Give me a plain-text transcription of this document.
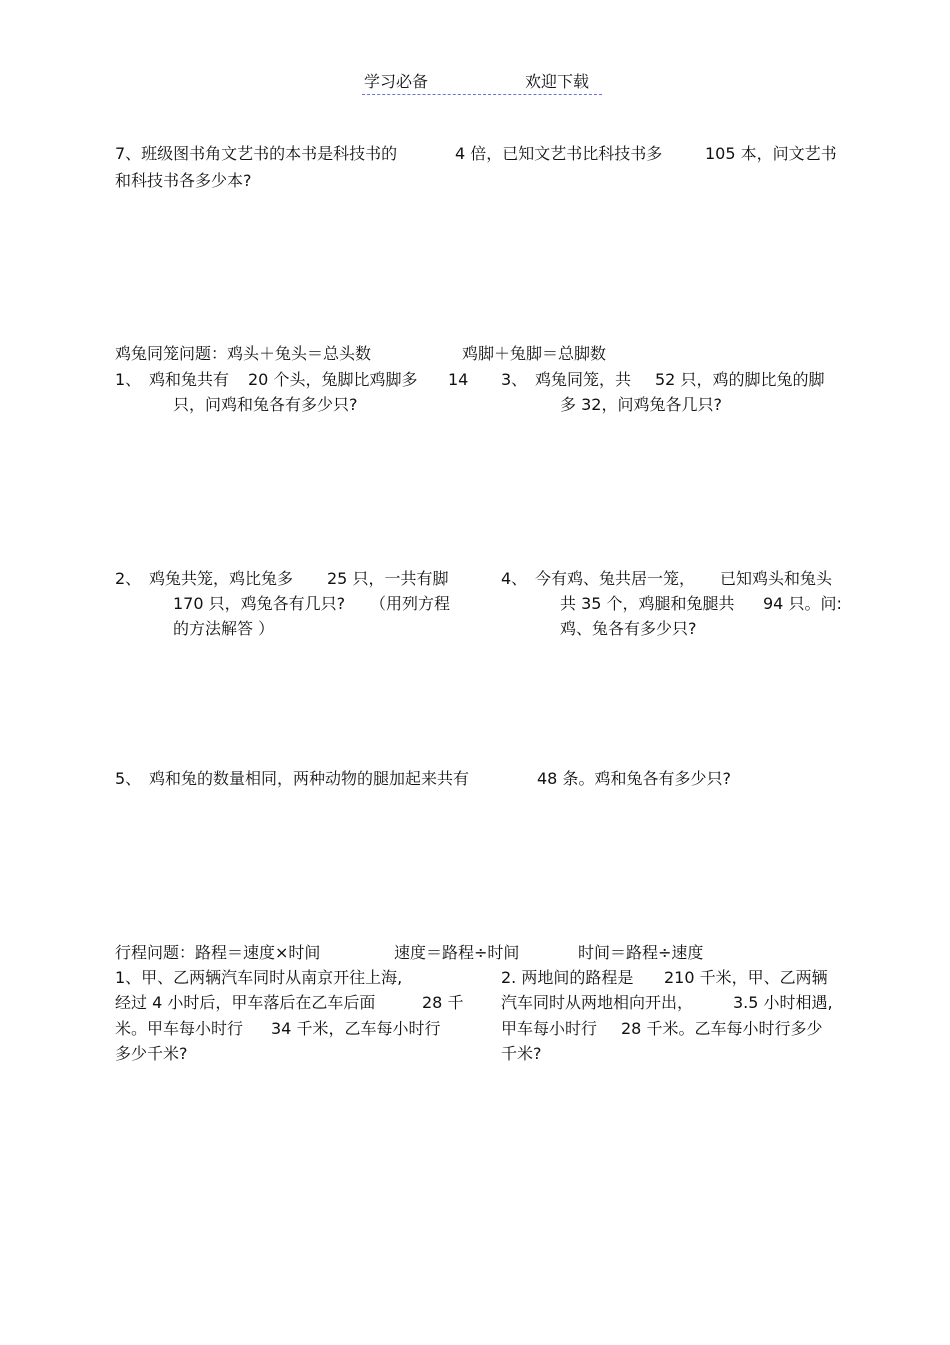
学习必备	欢迎下载
7、班级图书角文艺书的本书是科技书的	4 倍，已知文艺书比科技书多	105 本，问文艺书
和科技书各多少本?
鸡兔同笼问题：鸡头＋兔头＝总头数	鸡脚＋兔脚＝总脚数
1、 鸡和兔共有 20 个头，兔脚比鸡脚多 14
只，问鸡和兔各有多少只?
3、 鸡兔同笼，共 52 只，鸡的脚比兔的脚
多 32，问鸡兔各几只?
2、 鸡兔共笼，鸡比兔多 25 只，一共有脚
170 只，鸡兔各有几只? （用列方程
的方法解答 ）
4、 今有鸡、兔共居一笼， 已知鸡头和兔头
共 35 个，鸡腿和兔腿共 94 只。问:
鸡、兔各有多少只?
5、 鸡和兔的数量相同，两种动物的腿加起来共有	48 条。鸡和兔各有多少只?
行程问题：路程＝速度×时间	速度＝路程÷时间	时间＝路程÷速度
1、甲、乙两辆汽车同时从南京开往上海,
经过 4 小时后，甲车落后在乙车后面	28 千
米。甲车每小时行 34 千米，乙车每小时行
多少千米?
2. 两地间的路程是 210 千米，甲、乙两辆
汽车同时从两地相向开出， 3.5 小时相遇,
甲车每小时行 28 千米。乙车每小时行多少
千米?
